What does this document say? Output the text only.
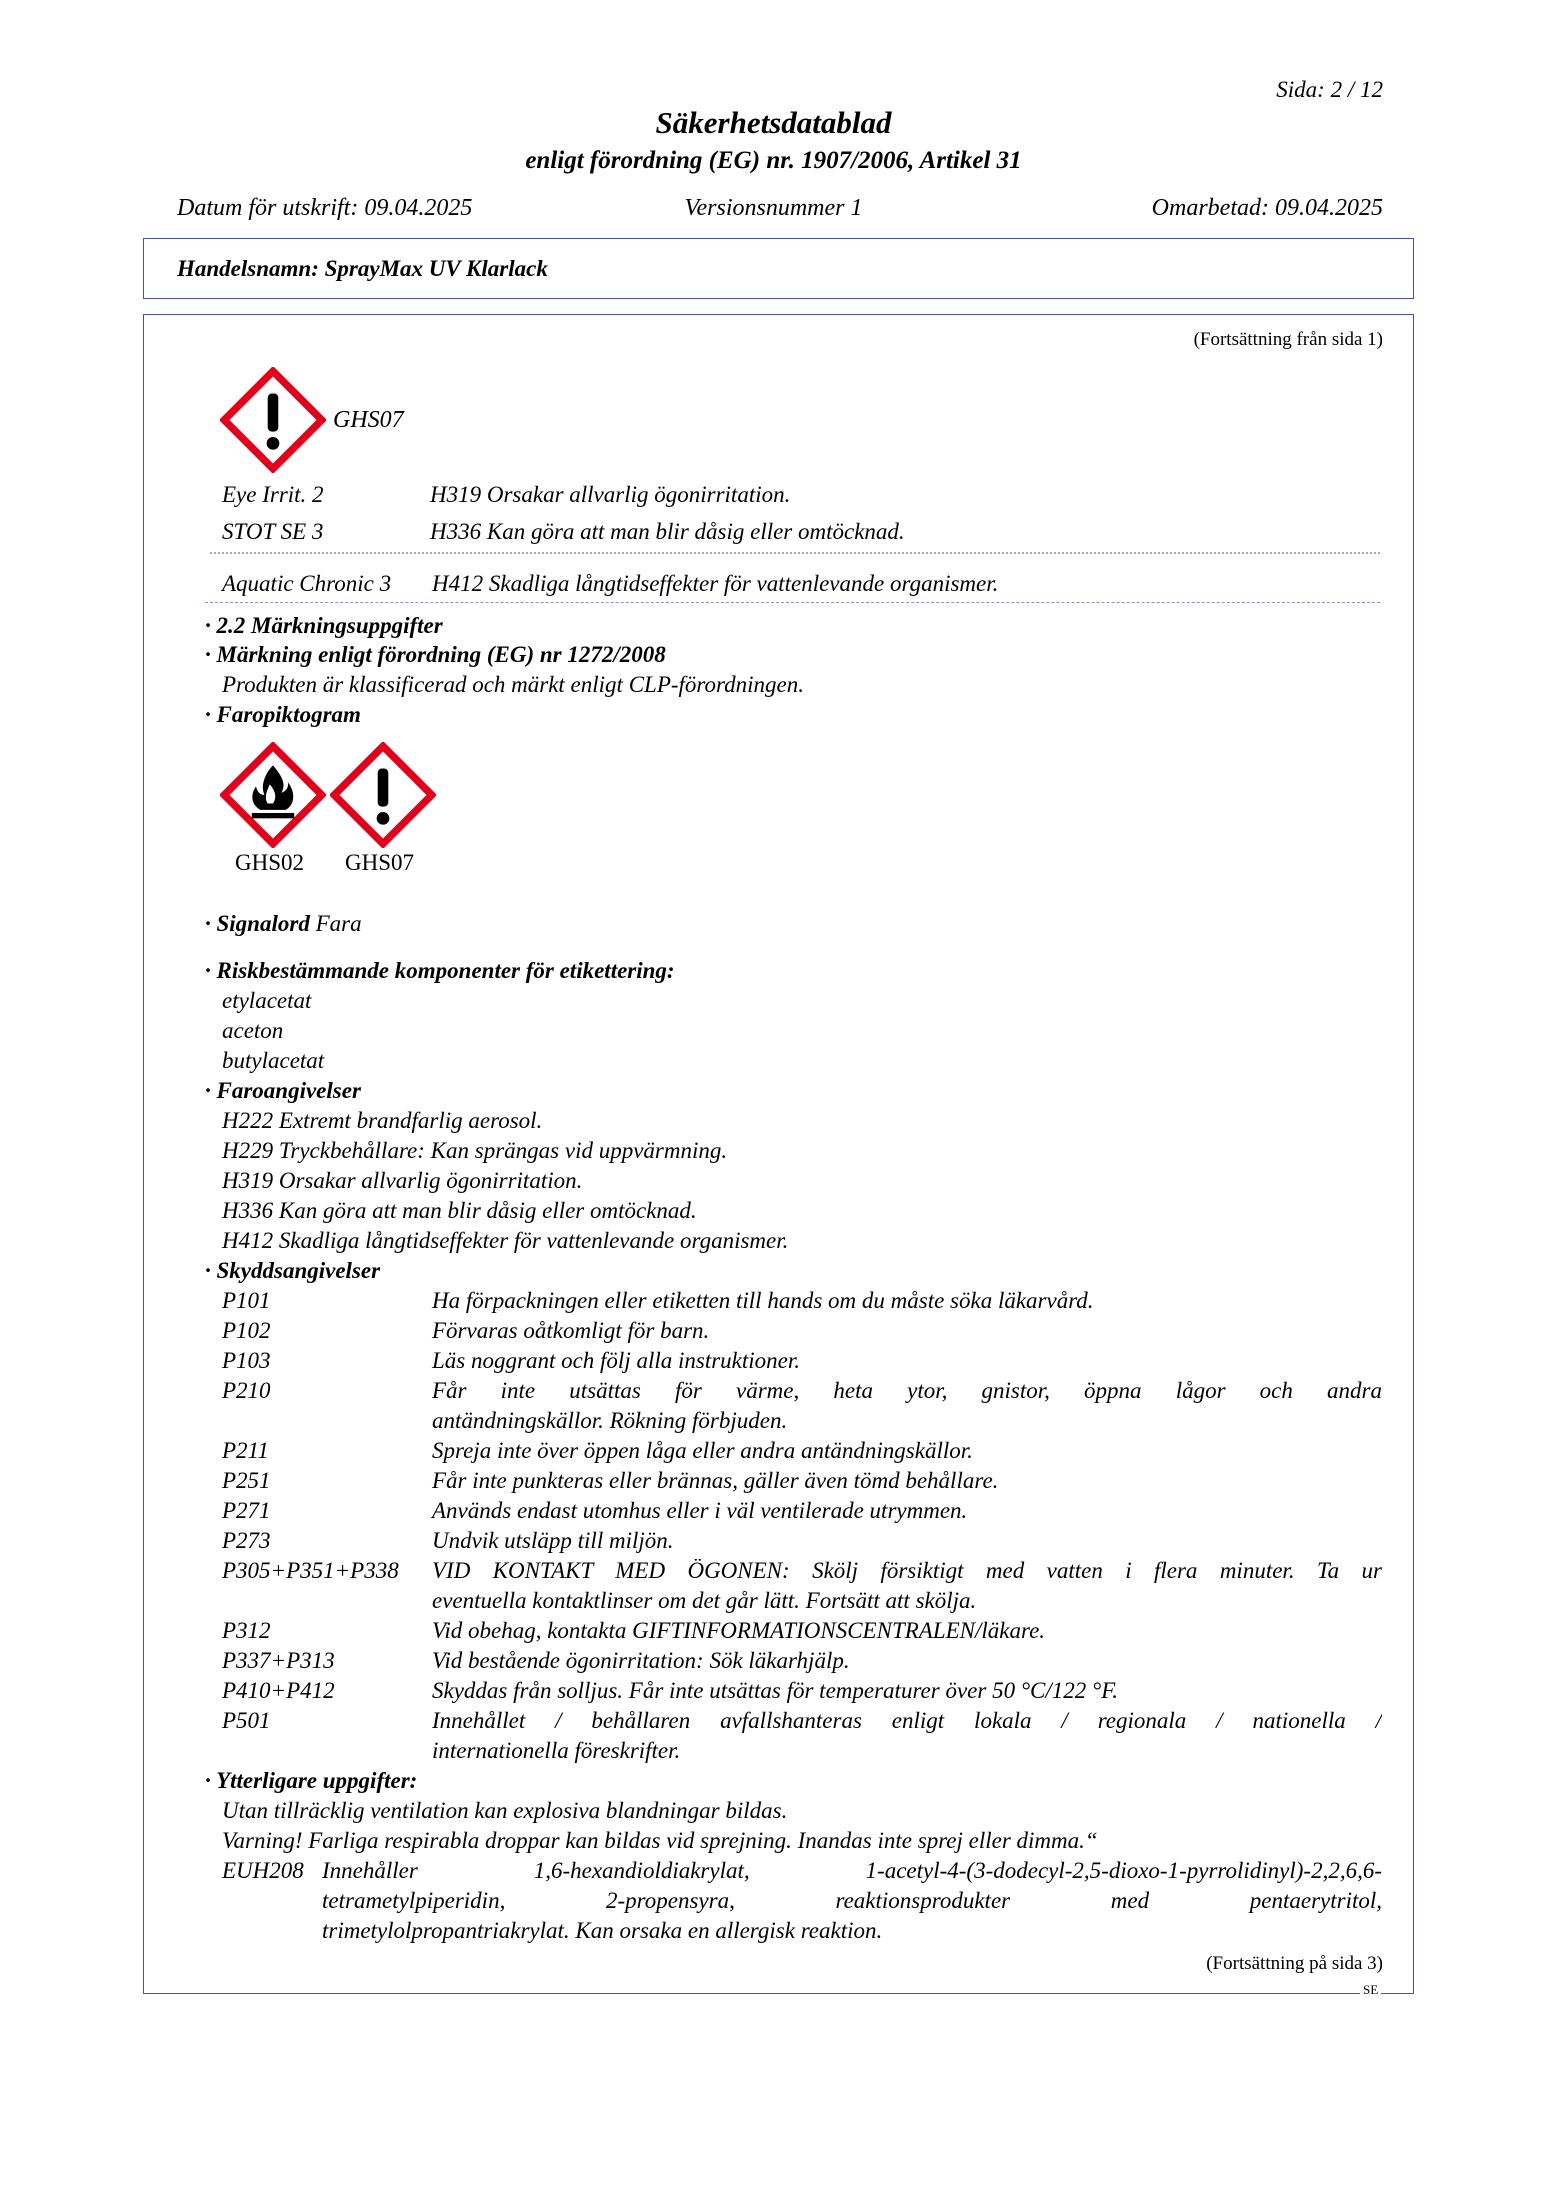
Sida: 2 / 12
Säkerhetsdatablad
enligt förordning (EG) nr. 1907/2006, Artikel 31
Datum för utskrift: 09.04.2025	Versionsnummer 1	Omarbetad: 09.04.2025
Handelsnamn: SprayMax UV Klarlack
SE
(Fortsättning från sida 1)
GHS07
Eye Irrit. 2	H319 Orsakar allvarlig ögonirritation.
STOT SE 3	H336 Kan göra att man blir dåsig eller omtöcknad.
Aquatic Chronic 3 H412 Skadliga långtidseffekter för vattenlevande organismer.
· 2.2 Märkningsuppgifter
· Märkning enligt förordning (EG) nr 1272/2008
Produkten är klassificerad och märkt enligt CLP-förordningen.
· Faropiktogram
GHS02 GHS07
· Signalord Fara
· Riskbestämmande komponenter för etikettering:
etylacetat
aceton
butylacetat
· Faroangivelser
H222 Extremt brandfarlig aerosol.
H229 Tryckbehållare: Kan sprängas vid uppvärmning.
H319 Orsakar allvarlig ögonirritation.
H336 Kan göra att man blir dåsig eller omtöcknad.
H412 Skadliga långtidseffekter för vattenlevande organismer.
· Skyddsangivelser
P101	Ha förpackningen eller etiketten till hands om du måste söka läkarvård.
P102	Förvaras oåtkomligt för barn.
P103	Läs noggrant och följ alla instruktioner.
P210	Får inte utsättas för värme, heta ytor, gnistor, öppna lågor och andra
antändningskällor. Rökning förbjuden.
P211	Spreja inte över öppen låga eller andra antändningskällor.
P251	Får inte punkteras eller brännas, gäller även tömd behållare.
P271	Används endast utomhus eller i väl ventilerade utrymmen.
P273	Undvik utsläpp till miljön.
P305+P351+P338 VID KONTAKT MED ÖGONEN: Skölj försiktigt med vatten i flera minuter. Ta ur
eventuella kontaktlinser om det går lätt. Fortsätt att skölja.
P312	Vid obehag, kontakta GIFTINFORMATIONSCENTRALEN/läkare.
P337+P313	Vid bestående ögonirritation: Sök läkarhjälp.
P410+P412	Skyddas från solljus. Får inte utsättas för temperaturer över 50 °C/122 °F.
P501	Innehållet / behållaren avfallshanteras enligt lokala / regionala / nationella /
internationella föreskrifter.
· Ytterligare uppgifter:
Utan tillräcklig ventilation kan explosiva blandningar bildas.
Varning! Farliga respirabla droppar kan bildas vid sprejning. Inandas inte sprej eller dimma.“
EUH208 Innehåller 1,6-hexandioldiakrylat, 1-acetyl-4-(3-dodecyl-2,5-dioxo-1-pyrrolidinyl)-2,2,6,6-
tetrametylpiperidin, 2-propensyra, reaktionsprodukter med pentaerytritol,
trimetylolpropantriakrylat. Kan orsaka en allergisk reaktion.
(Fortsättning på sida 3)
